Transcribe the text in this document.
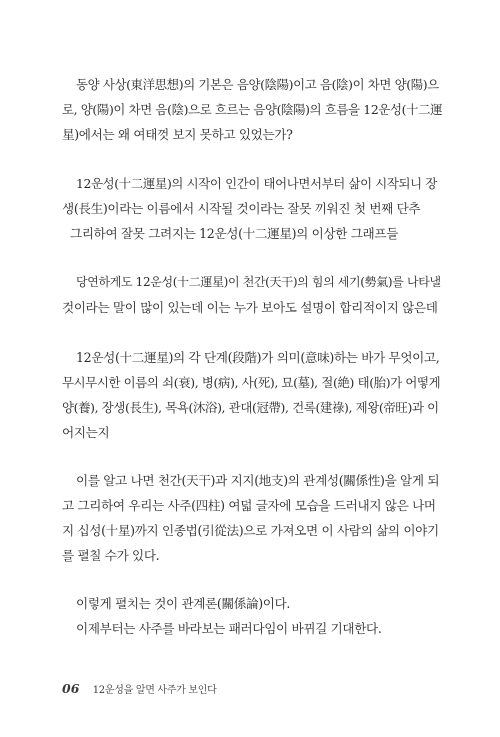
동양 사상(東洋思想)의 기본은 음양(陰陽)이고 음(陰)이 차면 양(陽)으
로, 양(陽)이 차면 음(陰)으로 흐르는 음양(陰陽)의 흐름을 12운성(十二運
星)에서는 왜 여태껏 보지 못하고 있었는가?
12운성(十二運星)의 시작이 인간이 태어나면서부터 삶이 시작되니 장
생(長生)이라는 이름에서 시작될 것이라는 잘못 끼워진 첫 번째 단추
그리하여 잘못 그려지는 12운성(十二運星)의 이상한 그래프들
당연하게도 12운성(十二運星)이 천간(天干)의 힘의 세기(勢氣)를 나타낼
것이라는 말이 많이 있는데 이는 누가 보아도 설명이 합리적이지 않은데
12운성(十二運星)의 각 단계(段階)가 의미(意味)하는 바가 무엇이고,
무시무시한 이름의 쇠(衰), 병(病), 사(死), 묘(墓), 절(絶) 태(胎)가 어떻게
양(養), 장생(長生), 목욕(沐浴), 관대(冠帶), 건록(建祿), 제왕(帝旺)과 이
어지는지
이를 알고 나면 천간(天干)과 지지(地支)의 관계성(關係性)을 알게 되
고 그리하여 우리는 사주(四柱) 여덟 글자에 모습을 드러내지 않은 나머
지 십성(十星)까지 인종법(引從法)으로 가져오면 이 사람의 삶의 이야기
를 펼칠 수가 있다.
이렇게 펼치는 것이 관계론(關係論)이다.
이제부터는 사주를 바라보는 패러다임이 바뀌길 기대한다.
06 12운성을 알면 사주가 보인다
